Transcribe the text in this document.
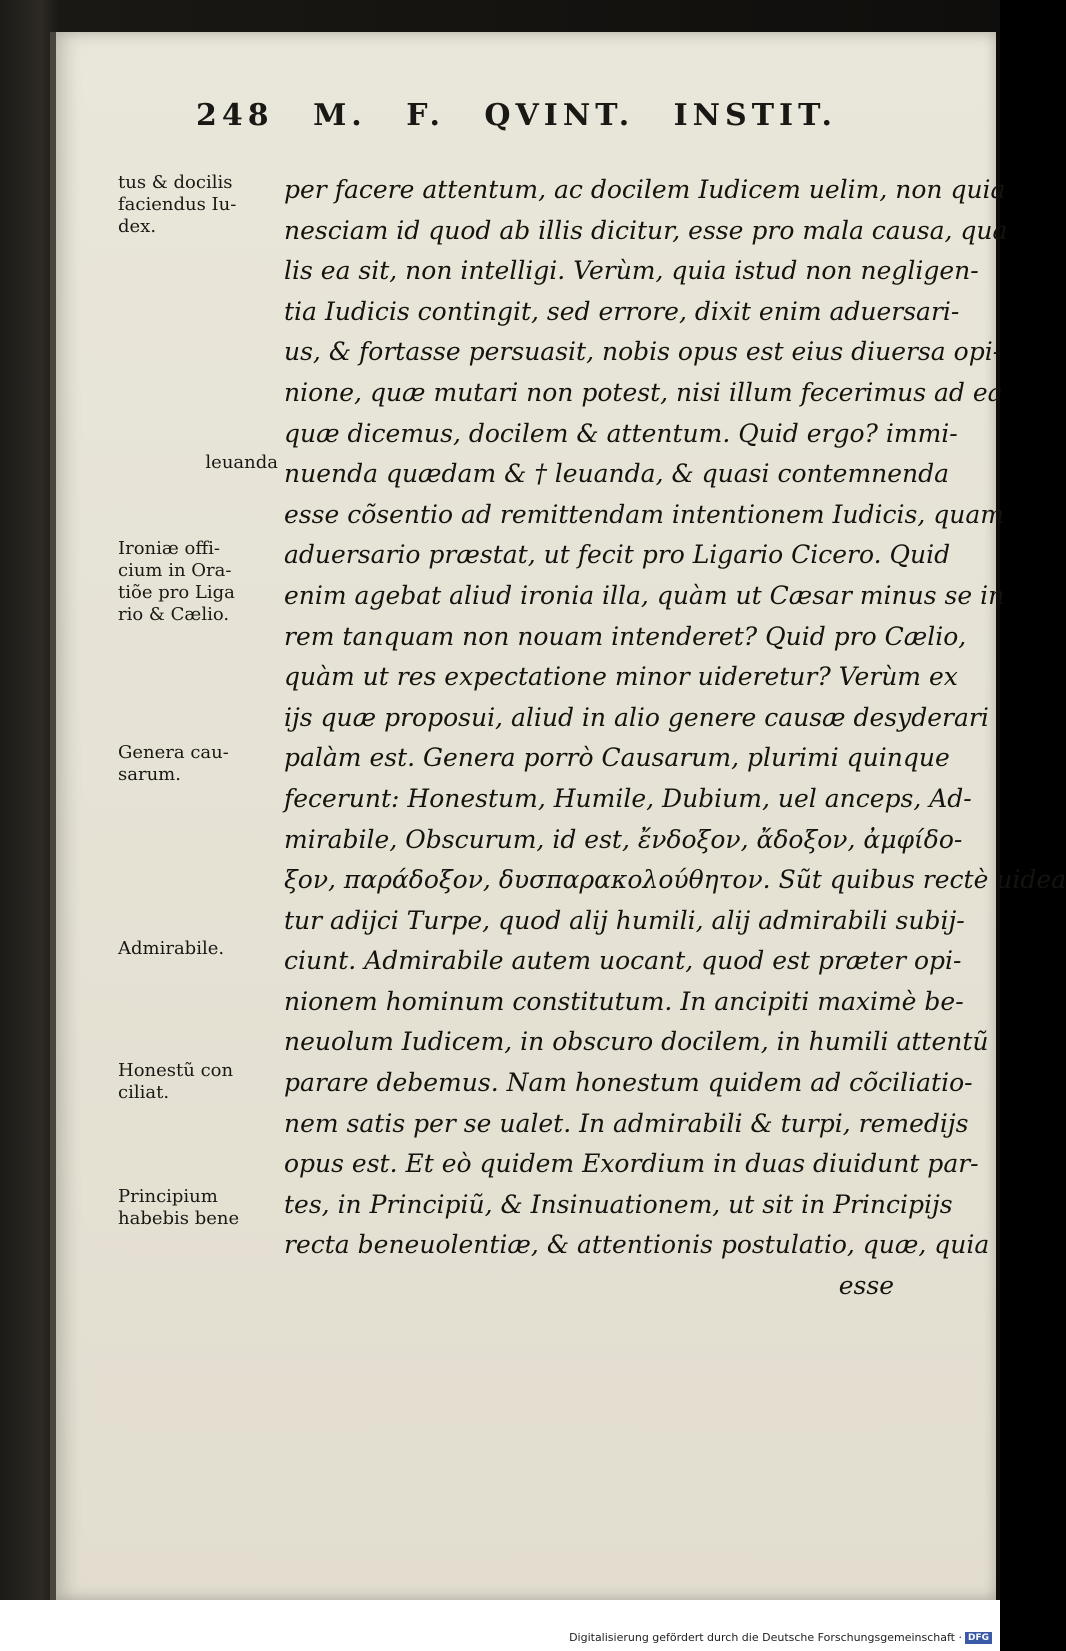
248 M. F. QVINT. INSTIT.
tus & docilis
faciendus Iu-
dex.
leuanda
Ironiæ offi-
cium in Ora-
tiõe pro Liga
rio & Cælio.
Genera cau-
sarum.
Admirabile.
Honestũ con
ciliat.
Principium
habebis bene
per facere attentum, ac docilem Iudicem uelim, non quia
nesciam id quod ab illis dicitur, esse pro mala causa, qua
lis ea sit, non intelligi. Verùm, quia istud non negligen-
tia Iudicis contingit, sed errore, dixit enim aduersari-
us, & fortasse persuasit, nobis opus est eius diuersa opi-
nione, quæ mutari non potest, nisi illum fecerimus ad ea
quæ dicemus, docilem & attentum. Quid ergo? immi-
nuenda quædam & † leuanda, & quasi contemnenda
esse cõsentio ad remittendam intentionem Iudicis, quam
aduersario præstat, ut fecit pro Ligario Cicero. Quid
enim agebat aliud ironia illa, quàm ut Cæsar minus se in
rem tanquam non nouam intenderet? Quid pro Cælio,
quàm ut res expectatione minor uideretur? Verùm ex
ijs quæ proposui, aliud in alio genere causæ desyderari
palàm est. Genera porrò Causarum, plurimi quinque
fecerunt: Honestum, Humile, Dubium, uel anceps, Ad-
mirabile, Obscurum, id est, ἔνδοξον, ἄδοξον, ἀμφίδο-
ξον, παράδοξον, δυσπαρακολούθητον. Sũt quibus rectè uidea
tur adijci Turpe, quod alij humili, alij admirabili subij-
ciunt. Admirabile autem uocant, quod est præter opi-
nionem hominum constitutum. In ancipiti maximè be-
neuolum Iudicem, in obscuro docilem, in humili attentũ
parare debemus. Nam honestum quidem ad cõciliatio-
nem satis per se ualet. In admirabili & turpi, remedijs
opus est. Et eò quidem Exordium in duas diuidunt par-
tes, in Principiũ, & Insinuationem, ut sit in Principijs
recta beneuolentiæ, & attentionis postulatio, quæ, quia
esse
Digitalisierung gefördert durch die Deutsche Forschungsgemeinschaft · DFG
